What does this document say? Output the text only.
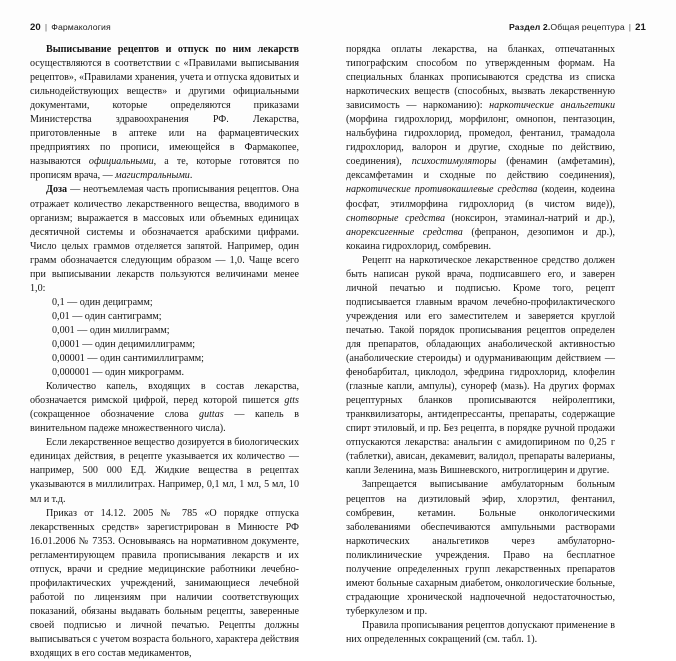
20 | Фармакология	Раздел 2.Общая рецептура | 21

Выписывание рецептов и отпуск по ним лекарств осуществляются в соответствии с «Правилами выписывания рецептов», «Правилами хранения, учета и отпуска ядовитых и сильнодействующих веществ» и другими официальными документами, которые определяются приказами Министерства здравоохранения РФ. Лекарства, приготовленные в аптеке или на фармацевтических предприятиях по прописи, имеющейся в Фармакопее, называются официальными, а те, которые готовятся по прописям врача, — магистральными.

Доза — неотъемлемая часть прописывания рецептов. Она отражает количество лекарственного вещества, вводимого в организм; выражается в массовых или объемных единицах десятичной системы и обозначается арабскими цифрами. Число целых граммов отделяется запятой. Например, один грамм обозначается следующим образом — 1,0. Чаще всего при выписывании лекарств пользуются величинами менее 1,0:

0,1 — один дециграмм;
0,01 — один сантиграмм;
0,001 — один миллиграмм;
0,0001 — один децимиллиграмм;
0,00001 — один сантимиллиграмм;
0,000001 — один микрограмм.

Количество капель, входящих в состав лекарства, обозначается римской цифрой, перед которой пишется gtts (сокращенное обозначение слова guttas — капель в винительном падеже множественного числа).

Если лекарственное вещество дозируется в биологических единицах действия, в рецепте указывается их количество — например, 500 000 ЕД. Жидкие вещества в рецептах указываются в миллилитрах. Например, 0,1 мл, 1 мл, 5 мл, 10 мл и т.д.

Приказ от 14.12. 2005 № 785 «О порядке отпуска лекарственных средств» зарегистрирован в Минюсте РФ 16.01.2006 № 7353. Основываясь на нормативном документе, регламентирующем правила прописывания лекарств и их отпуск, врачи и средние медицинские работники лечебно-профилактических учреждений, занимающиеся лечебной работой по лицензиям при наличии соответствующих показаний, обязаны выдавать больным рецепты, заверенные своей подписью и личной печатью. Рецепты должны выписываться с учетом возраста больного, характера действия входящих в его состав медикаментов,

порядка оплаты лекарства, на бланках, отпечатанных типографским способом по утвержденным формам. На специальных бланках прописываются средства из списка наркотических веществ (способных, вызвать лекарственную зависимость — наркоманию): наркотические анальгетики (морфина гидрохлорид, морфилонг, омнопон, пентазоцин, нальбуфина гидрохлорид, промедол, фентанил, трамадола гидрохлорид, валорон и другие, сходные по действию, соединения), психостимуляторы (фенамин (амфетамин), дексамфетамин и сходные по действию соединения), наркотические противокашлевые средства (кодеин, кодеина фосфат, этилморфина гидрохлорид (в чистом виде)), снотворные средства (ноксирон, этаминал-натрий и др.), анорексигенные средства (фепранон, дезопимон и др.), кокаина гидрохлорид, сомбревин.

Рецепт на наркотическое лекарственное средство должен быть написан рукой врача, подписавшего его, и заверен личной печатью и подписью. Кроме того, рецепт подписывается главным врачом лечебно-профилактического учреждения или его заместителем и заверяется круглой печатью. Такой порядок прописывания рецептов определен для препаратов, обладающих анаболической активностью (анаболические стероиды) и одурманивающим действием — фенобарбитал, циклодол, эфедрина гидрохлорид, клофелин (глазные капли, ампулы), сунореф (мазь). На других формах рецептурных бланков прописываются нейролептики, транквилизаторы, антидепрессанты, препараты, содержащие спирт этиловый, и пр. Без рецепта, в порядке ручной продажи отпускаются лекарства: анальгин с амидопирином по 0,25 г (таблетки), ависан, декамевит, валидол, препараты валерианы, капли Зеленина, мазь Вишневского, нитроглицерин и другие.

Запрещается выписывание амбулаторным больным рецептов на диэтиловый эфир, хлорэтил, фентанил, сомбревин, кетамин. Больные онкологическими заболеваниями обеспечиваются ампульными растворами наркотических анальгетиков через амбулаторно-поликлинические учреждения. Право на бесплатное получение определенных групп лекарственных препаратов имеют больные сахарным диабетом, онкологические больные, страдающие хронической надпочечной недостаточностью, туберкулезом и пр.

Правила прописывания рецептов допускают применение в них определенных сокращений (см. табл. 1).
